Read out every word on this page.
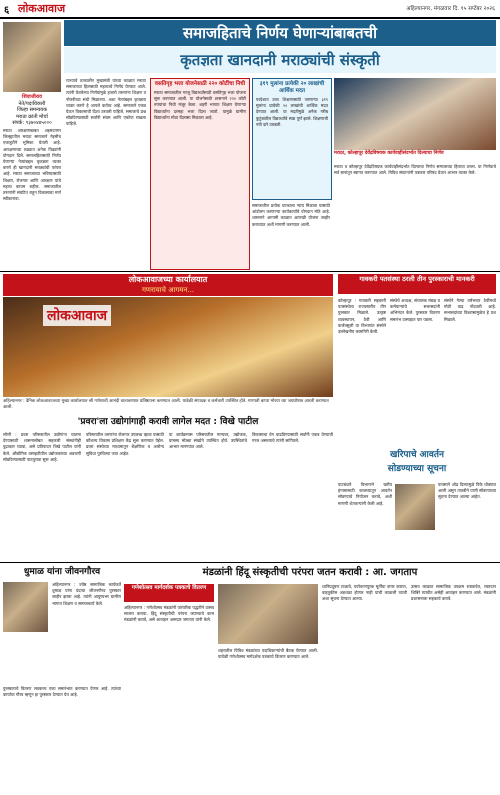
६ लोकआवाज	अहिल्यानगर, मंगळवार दि. १५ सप्टेंबर २०२६
शिवाजीराव
नेते/पदाधिकारी
जिल्हा समन्वयक
मराठा क्रांती मोर्चा
संपर्क: ९३७०४४५०००
समाजहिताचे निर्णय घेणाऱ्यांबाबतची
कृतज्ञता खानदानी मराठ्यांची संस्कृती
मराठा आरक्षणाबाबत अहमदनगर जिल्ह्यातील मराठा समाजाने नेहमीच एकजुटीने भूमिका घेतली आहे. आरक्षणाच्या लढ्यात अनेक पिढ्यांनी योगदान दिले. समाजहितासाठी निर्णय घेणाऱ्या नेत्यांबद्दल कृतज्ञता व्यक्त करणे ही खानदानी मराठ्यांची परंपरा आहे. मराठा समाजाच्या भविष्यासाठी शिक्षण, रोजगार आणि आरक्षण यांचे महत्त्व कायम राहील. समाजातील तरुणांनी संघटित राहून विकासाचा मार्ग स्वीकारावा.
राज्याचे तत्कालीन मुख्यमंत्री यांच्या काळात मराठा समाजाच्या हितासाठी महत्त्वाचे निर्णय घेण्यात आले. त्यांनी घेतलेल्या निर्णयांमुळे हजारो तरुणांना शिक्षण व नोकरीच्या संधी मिळाल्या. अशा नेत्यांबद्दल कृतज्ञता व्यक्त करणे हे आपले कर्तव्य आहे. समाजाने एकत्र येऊन विकासाची दिशा ठरवली पाहिजे. समाजाचे प्रश्न सोडविण्यासाठी सर्वांनी संयम आणि एकोपा राखला पाहिजे.
वसतिगृह भत्ता योजनेसाठी २२० कोटींचा निधी
मराठा समाजातील गरजू विद्यार्थ्यांसाठी वसतिगृह भत्ता योजना सुरू करण्यात आली. या योजनेसाठी शासनाने २२० कोटी रुपयांचा निधी मंजूर केला. शहरी भागात शिक्षण घेणाऱ्या विद्यार्थ्यांना दरमहा भत्ता दिला जातो. यामुळे ग्रामीण विद्यार्थ्यांना मोठा दिलासा मिळाला आहे.
३१९ मुलांना प्रत्येकी २० लाखांची आर्थिक मदत
परदेशात उच्च शिक्षणासाठी जाणाऱ्या ३१९ मुलांना प्रत्येकी २० लाखांची आर्थिक मदत देण्यात आली. या मदतीमुळे अनेक गरीब कुटुंबातील विद्यार्थ्यांचे स्वप्न पूर्ण झाले. शिक्षणाची नवी दारे उघडली.
समाजातील प्रत्येक घटकाला न्याय मिळावा यासाठी आंदोलन करणाऱ्या कार्यकर्त्यांचे योगदान मोठे आहे. शासनाने आगामी काळात आणखी योजना जाहीर कराव्यात अशी मागणी करण्यात आली.
मराठा, कोल्हापूर देवेंद्रविषयक कार्यवाहीसंदर्भात दिल्याचा निर्णय
मराठा व कोल्हापूर देवेंद्रविषयक कार्यवाहीसंदर्भात दिल्याचा निर्णय समाजाच्या हिताचा ठरला. या निर्णयाचे सर्व स्तरांतून स्वागत करण्यात आले. विविध संघटनांनी पत्रकार परिषद घेऊन आभार व्यक्त केले.
लोकआवाजच्या कार्यालयात
गणरायाचे आगमन...
लोकआवाज
अहिल्यानगर : दैनिक लोकआवाजच्या मुख्य कार्यालयात श्री गणेशाची आनंदी वातावरणात प्रतिष्ठापना करण्यात आली. यावेळी संपादक व कर्मचारी उपस्थित होते. गणपती बाप्पा मोरया च्या जयघोषात आरती करण्यात आली.
गावकरी पतसंस्था ठरली तीन पुरस्काराची मानकरी
कोल्हापूर : गावकरी सहकारी पतसंस्थेला राज्यस्तरीय तीन पुरस्कार मिळाले. उत्कृष्ट व्यवस्थापन, ठेवी आणि कर्जवसुली या विभागांत संस्थेने उल्लेखनीय कामगिरी केली.
संस्थेचे अध्यक्ष, संचालक मंडळ व कर्मचाऱ्यांचे सभासदांनी अभिनंदन केले. पुरस्कार वितरण समारंभ उत्साहात पार पडला.
संस्थेने गेल्या वर्षभरात ठेवींमध्ये मोठी वाढ नोंदवली आहे. सभासदांच्या विश्वासामुळेच हे यश मिळाले.
'प्रवरा'ला उद्योगांगाही करावी लागेल मदत : विखे पाटील
लोणी : प्रवरा परिसरातील उद्योगांना चालना देण्यासाठी शासनासोबत सहकारी संस्थांनीही पुढाकार घ्यावा, असे प्रतिपादन विखे पाटील यांनी केले. औद्योगिक वसाहतीतील उद्योजकांच्या अडचणी सोडविण्यासाठी पाठपुरावा सुरू आहे.
परिसरातील तरुणांना रोजगार उपलब्ध व्हावा यासाठी कौशल्य विकास प्रशिक्षण केंद्र सुरू करण्यात येईल. प्रवरा संस्थेच्या माध्यमातून शैक्षणिक व आरोग्य सुविधा पुरविल्या जात आहेत.
या कार्यक्रमास परिसरातील मान्यवर, उद्योजक, ग्रामस्थ मोठ्या संख्येने उपस्थित होते. उपस्थितांचे आभार मानण्यात आले.
विकासाचा वेग वाढविण्यासाठी सर्वांनी एकत्र येण्याची गरज असल्याचे त्यांनी सांगितले.
खरिपाचे आवर्तन
सोडण्याच्या सूचना
पाटबंधारे विभागाने खरीप हंगामासाठी कालव्यातून आवर्तन सोडण्याचे नियोजन करावे, अशी मागणी शेतकऱ्यांनी केली आहे.
पावसाने ओढ दिल्यामुळे पिके धोक्यात आली असून तातडीने पाणी सोडण्याच्या सूचना देण्यात आल्या आहेत.
धुमाळ यांना जीवनगौरव
अहिल्यानगर : ज्येष्ठ सामाजिक कार्यकर्ते धुमाळ यांना यंदाचा जीवनगौरव पुरस्कार जाहीर झाला आहे. त्यांनी आयुष्यभर ग्रामीण भागात शिक्षण व समाजकार्य केले.
पुरस्काराचे वितरण लवकरच एका समारंभात करण्यात येणार आहे. त्यांच्या कार्याचा गौरव म्हणून हा पुरस्कार देण्यात येत आहे.
मंडळांनी हिंदू संस्कृतीची परंपरा जतन करावी : आ. जगताप
गणेशोत्सव मार्गदर्शक पत्रकाचे वितरण
अहिल्यानगर : गणेशोत्सव मंडळांनी पारंपरिक पद्धतीने उत्सव साजरा करावा. हिंदू संस्कृतीची परंपरा जपण्याचे काम मंडळांनी करावे, असे आवाहन आमदार जगताप यांनी केले.
शहरातील विविध मंडळांच्या पदाधिकाऱ्यांची बैठक घेण्यात आली. यावेळी गणेशोत्सव मार्गदर्शक पत्रकाचे वितरण करण्यात आले.
ध्वनिप्रदूषण टाळावे, पर्यावरणपूरक मूर्तींचा वापर करावा, वाहतुकीस अडथळा होणार नाही याची काळजी घ्यावी अशा सूचना देण्यात आल्या.
उत्सव काळात सामाजिक उपक्रम राबवावेत, रक्तदान शिबिरे घ्यावीत असेही आवाहन करण्यात आले. मंडळांनी प्रशासनाला सहकार्य करावे.
